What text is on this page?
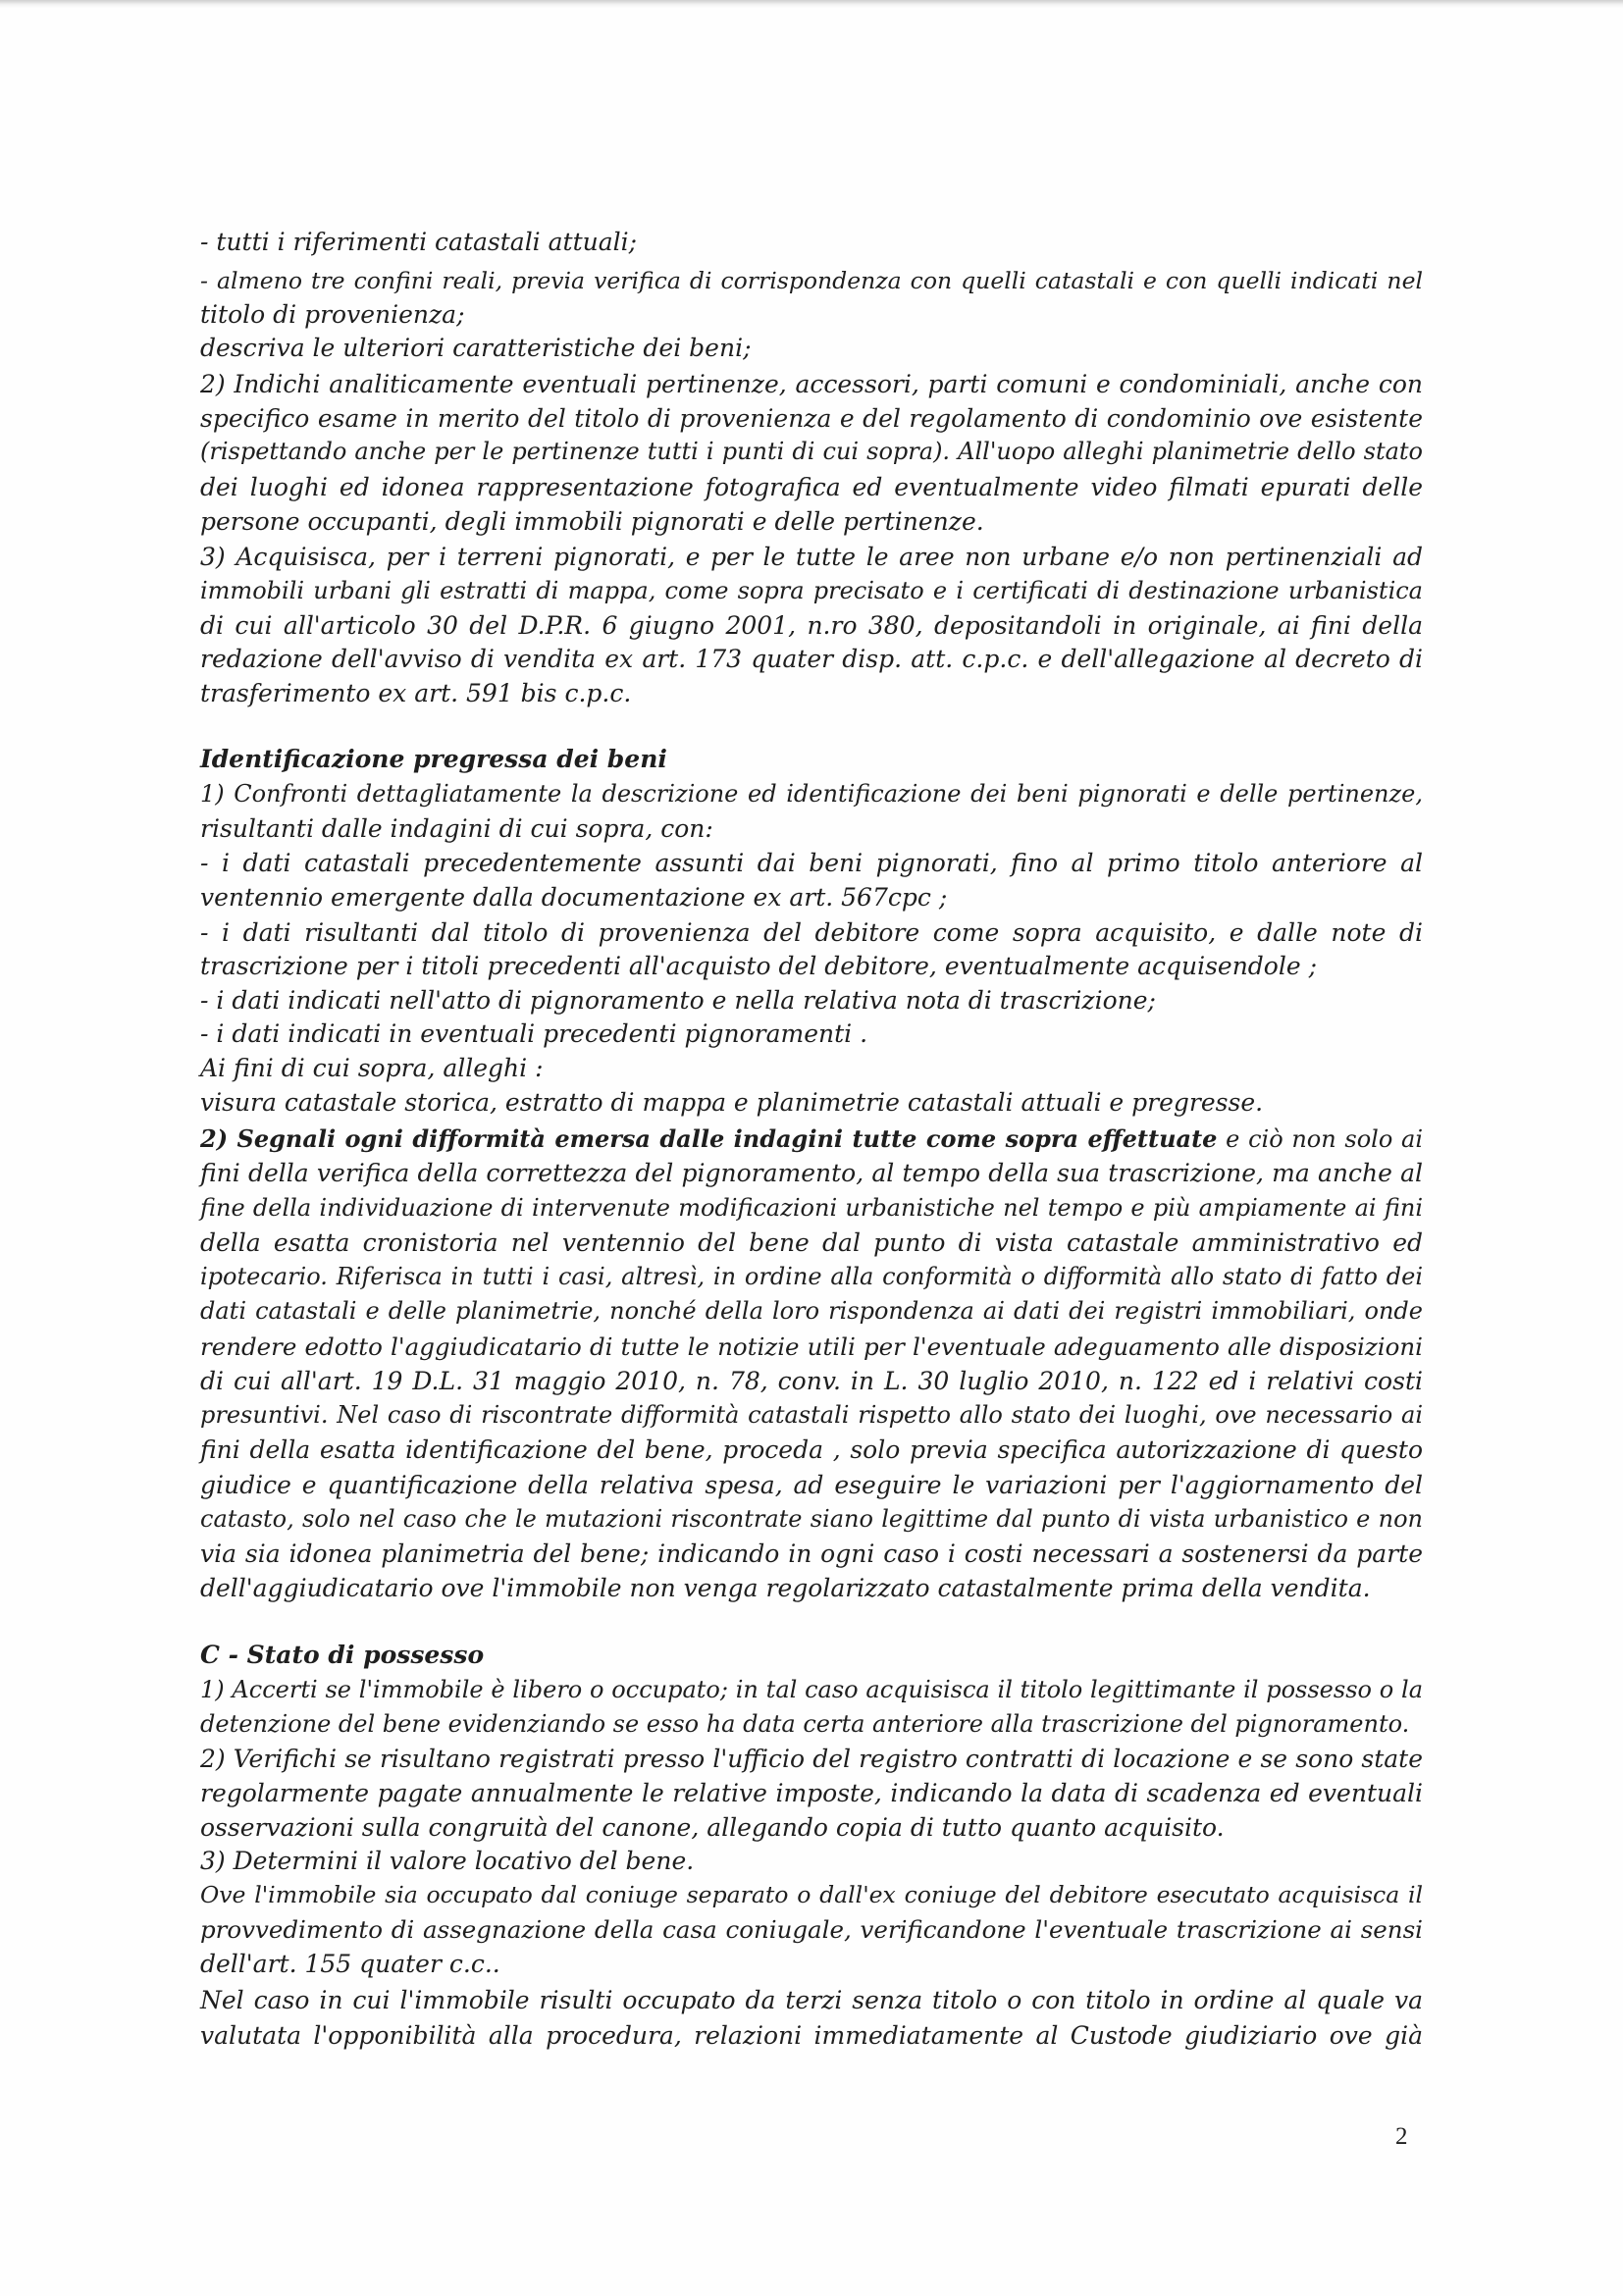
- tutti i riferimenti catastali attuali;
- almeno tre confini reali, previa verifica di corrispondenza con quelli catastali e con quelli indicati nel
titolo di provenienza;
descriva le ulteriori caratteristiche dei beni;
2) Indichi analiticamente eventuali pertinenze, accessori, parti comuni e condominiali, anche con
specifico esame in merito del titolo di provenienza e del regolamento di condominio ove esistente
(rispettando anche per le pertinenze tutti i punti di cui sopra). All'uopo alleghi planimetrie dello stato
dei luoghi ed idonea rappresentazione fotografica ed eventualmente video filmati epurati delle
persone occupanti, degli immobili pignorati e delle pertinenze.
3) Acquisisca, per i terreni pignorati, e per le tutte le aree non urbane e/o non pertinenziali ad
immobili urbani gli estratti di mappa, come sopra precisato e i certificati di destinazione urbanistica
di cui all'articolo 30 del D.P.R. 6 giugno 2001, n.ro 380, depositandoli in originale, ai fini della
redazione dell'avviso di vendita ex art. 173 quater disp. att. c.p.c. e dell'allegazione al decreto di
trasferimento ex art. 591 bis c.p.c.
Identificazione pregressa dei beni
1) Confronti dettagliatamente la descrizione ed identificazione dei beni pignorati e delle pertinenze,
risultanti dalle indagini di cui sopra, con:
- i dati catastali precedentemente assunti dai beni pignorati, fino al primo titolo anteriore al
ventennio emergente dalla documentazione ex art. 567cpc ;
- i dati risultanti dal titolo di provenienza del debitore come sopra acquisito, e dalle note di
trascrizione per i titoli precedenti all'acquisto del debitore, eventualmente acquisendole ;
- i dati indicati nell'atto di pignoramento e nella relativa nota di trascrizione;
- i dati indicati in eventuali precedenti pignoramenti .
Ai fini di cui sopra, alleghi :
visura catastale storica, estratto di mappa e planimetrie catastali attuali e pregresse.
2) Segnali ogni difformità emersa dalle indagini tutte come sopra effettuate e ciò non solo ai
fini della verifica della correttezza del pignoramento, al tempo della sua trascrizione, ma anche al
fine della individuazione di intervenute modificazioni urbanistiche nel tempo e più ampiamente ai fini
della esatta cronistoria nel ventennio del bene dal punto di vista catastale amministrativo ed
ipotecario. Riferisca in tutti i casi, altresì, in ordine alla conformità o difformità allo stato di fatto dei
dati catastali e delle planimetrie, nonché della loro rispondenza ai dati dei registri immobiliari, onde
rendere edotto l'aggiudicatario di tutte le notizie utili per l'eventuale adeguamento alle disposizioni
di cui all'art. 19 D.L. 31 maggio 2010, n. 78, conv. in L. 30 luglio 2010, n. 122 ed i relativi costi
presuntivi. Nel caso di riscontrate difformità catastali rispetto allo stato dei luoghi, ove necessario ai
fini della esatta identificazione del bene, proceda , solo previa specifica autorizzazione di questo
giudice e quantificazione della relativa spesa, ad eseguire le variazioni per l'aggiornamento del
catasto, solo nel caso che le mutazioni riscontrate siano legittime dal punto di vista urbanistico e non
via sia idonea planimetria del bene; indicando in ogni caso i costi necessari a sostenersi da parte
dell'aggiudicatario ove l'immobile non venga regolarizzato catastalmente prima della vendita.
C - Stato di possesso
1) Accerti se l'immobile è libero o occupato; in tal caso acquisisca il titolo legittimante il possesso o la
detenzione del bene evidenziando se esso ha data certa anteriore alla trascrizione del pignoramento.
2) Verifichi se risultano registrati presso l'ufficio del registro contratti di locazione e se sono state
regolarmente pagate annualmente le relative imposte, indicando la data di scadenza ed eventuali
osservazioni sulla congruità del canone, allegando copia di tutto quanto acquisito.
3) Determini il valore locativo del bene.
Ove l'immobile sia occupato dal coniuge separato o dall'ex coniuge del debitore esecutato acquisisca il
provvedimento di assegnazione della casa coniugale, verificandone l'eventuale trascrizione ai sensi
dell'art. 155 quater c.c..
Nel caso in cui l'immobile risulti occupato da terzi senza titolo o con titolo in ordine al quale va
valutata l'opponibilità alla procedura, relazioni immediatamente al Custode giudiziario ove già
2
